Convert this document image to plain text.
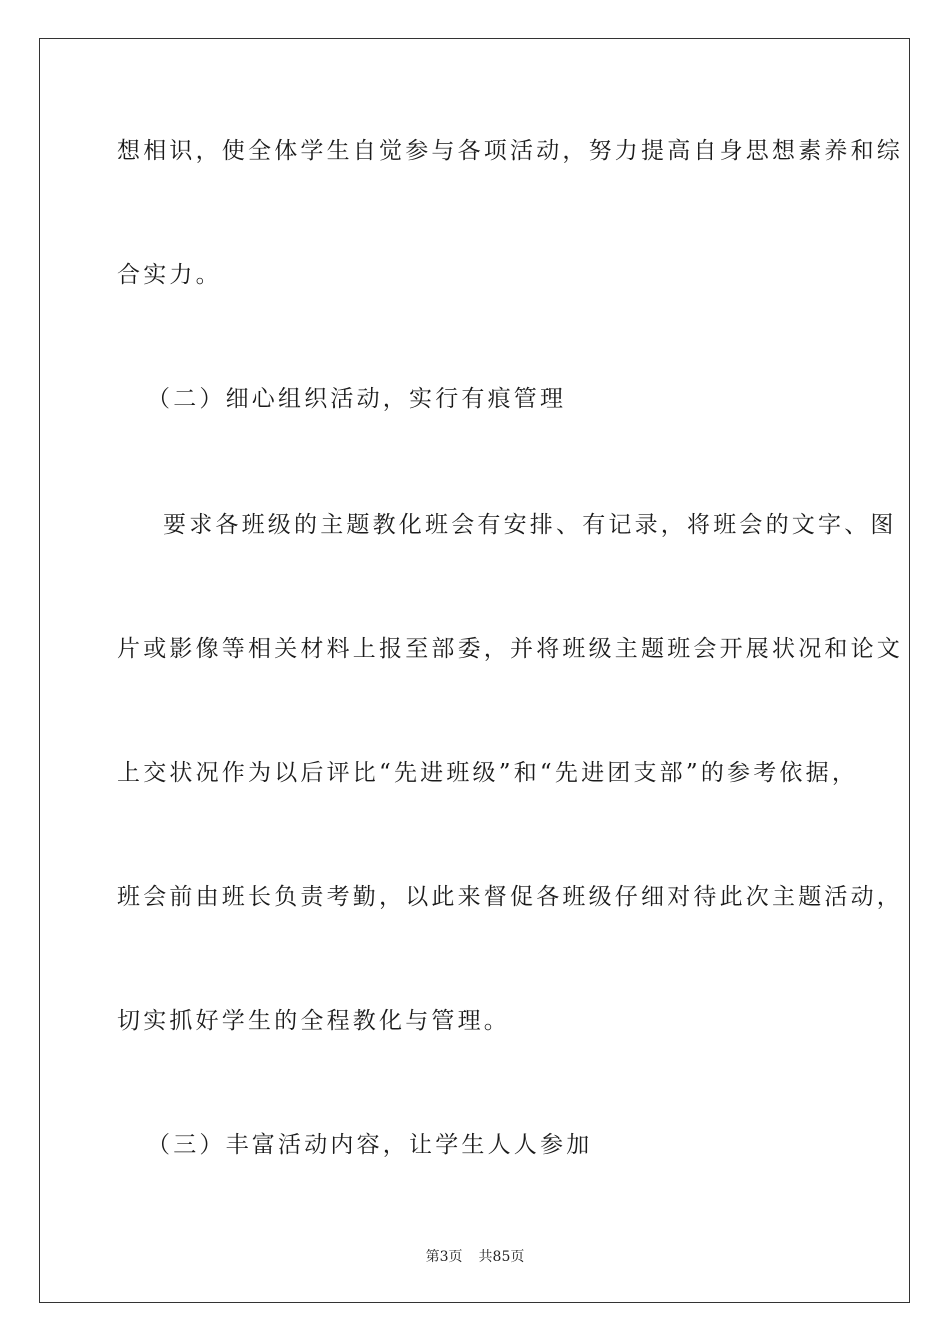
想相识，使全体学生自觉参与各项活动，努力提高自身思想素养和综
合实力。
（二）细心组织活动，实行有痕管理
要求各班级的主题教化班会有安排、有记录，将班会的文字、图
片或影像等相关材料上报至部委，并将班级主题班会开展状况和论文
上交状况作为以后评比“先进班级”和“先进团支部”的参考依据，
班会前由班长负责考勤，以此来督促各班级仔细对待此次主题活动，
切实抓好学生的全程教化与管理。
（三）丰富活动内容，让学生人人参加
第3页 共85页
